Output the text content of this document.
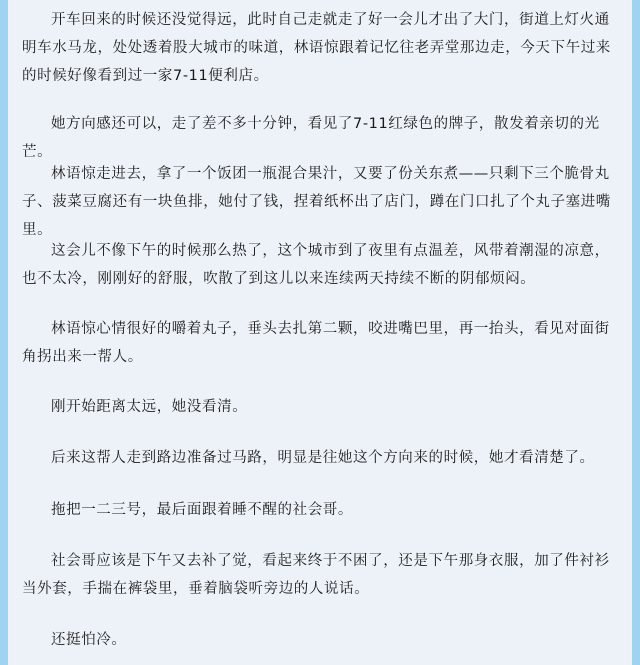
开车回来的时候还没觉得远，此时自己走就走了好一会儿才出了大门，街道上灯火通明车水马龙，处处透着股大城市的味道，林语惊跟着记忆往老弄堂那边走，今天下午过来的时候好像看到过一家7-11便利店。

她方向感还可以，走了差不多十分钟，看见了7-11红绿色的牌子，散发着亲切的光芒。

林语惊走进去，拿了一个饭团一瓶混合果汁，又要了份关东煮——只剩下三个脆骨丸子、菠菜豆腐还有一块鱼排，她付了钱，捏着纸杯出了店门，蹲在门口扎了个丸子塞进嘴里。

这会儿不像下午的时候那么热了，这个城市到了夜里有点温差，风带着潮湿的凉意，也不太冷，刚刚好的舒服，吹散了到这儿以来连续两天持续不断的阴郁烦闷。

林语惊心情很好的嚼着丸子，垂头去扎第二颗，咬进嘴巴里，再一抬头，看见对面街角拐出来一帮人。

刚开始距离太远，她没看清。

后来这帮人走到路边准备过马路，明显是往她这个方向来的时候，她才看清楚了。

拖把一二三号，最后面跟着睡不醒的社会哥。

社会哥应该是下午又去补了觉，看起来终于不困了，还是下午那身衣服，加了件衬衫当外套，手揣在裤袋里，垂着脑袋听旁边的人说话。

还挺怕冷。
